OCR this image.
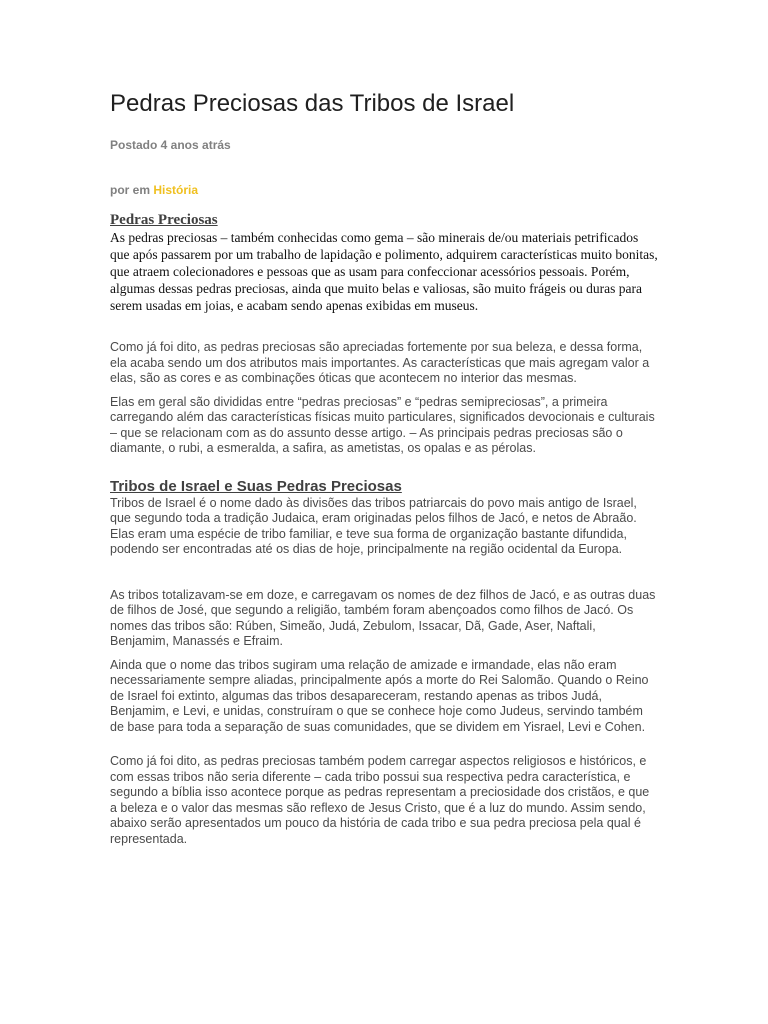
Pedras Preciosas das Tribos de Israel

Postado 4 anos atrás

por em História

Pedras Preciosas

As pedras preciosas – também conhecidas como gema – são minerais de/ou materiais petrificados que após passarem por um trabalho de lapidação e polimento, adquirem características muito bonitas, que atraem colecionadores e pessoas que as usam para confeccionar acessórios pessoais. Porém, algumas dessas pedras preciosas, ainda que muito belas e valiosas, são muito frágeis ou duras para serem usadas em joias, e acabam sendo apenas exibidas em museus.

Como já foi dito, as pedras preciosas são apreciadas fortemente por sua beleza, e dessa forma, ela acaba sendo um dos atributos mais importantes. As características que mais agregam valor a elas, são as cores e as combinações óticas que acontecem no interior das mesmas.

Elas em geral são divididas entre “pedras preciosas” e “pedras semipreciosas”, a primeira carregando além das características físicas muito particulares, significados devocionais e culturais – que se relacionam com as do assunto desse artigo. – As principais pedras preciosas são o diamante, o rubi, a esmeralda, a safira, as ametistas, os opalas e as pérolas.

Tribos de Israel e Suas Pedras Preciosas

Tribos de Israel é o nome dado às divisões das tribos patriarcais do povo mais antigo de Israel, que segundo toda a tradição Judaica, eram originadas pelos filhos de Jacó, e netos de Abraão. Elas eram uma espécie de tribo familiar, e teve sua forma de organização bastante difundida, podendo ser encontradas até os dias de hoje, principalmente na região ocidental da Europa.

As tribos totalizavam-se em doze, e carregavam os nomes de dez filhos de Jacó, e as outras duas de filhos de José, que segundo a religião, também foram abençoados como filhos de Jacó. Os nomes das tribos são: Rúben, Simeão, Judá, Zebulom, Issacar, Dã, Gade, Aser, Naftali, Benjamim, Manassés e Efraim.

Ainda que o nome das tribos sugiram uma relação de amizade e irmandade, elas não eram necessariamente sempre aliadas, principalmente após a morte do Rei Salomão. Quando o Reino de Israel foi extinto, algumas das tribos desapareceram, restando apenas as tribos Judá, Benjamim, e Levi, e unidas, construíram o que se conhece hoje como Judeus, servindo também de base para toda a separação de suas comunidades, que se dividem em Yisrael, Levi e Cohen.

Como já foi dito, as pedras preciosas também podem carregar aspectos religiosos e históricos, e com essas tribos não seria diferente – cada tribo possui sua respectiva pedra característica, e segundo a bíblia isso acontece porque as pedras representam a preciosidade dos cristãos, e que a beleza e o valor das mesmas são reflexo de Jesus Cristo, que é a luz do mundo. Assim sendo, abaixo serão apresentados um pouco da história de cada tribo e sua pedra preciosa pela qual é representada.
